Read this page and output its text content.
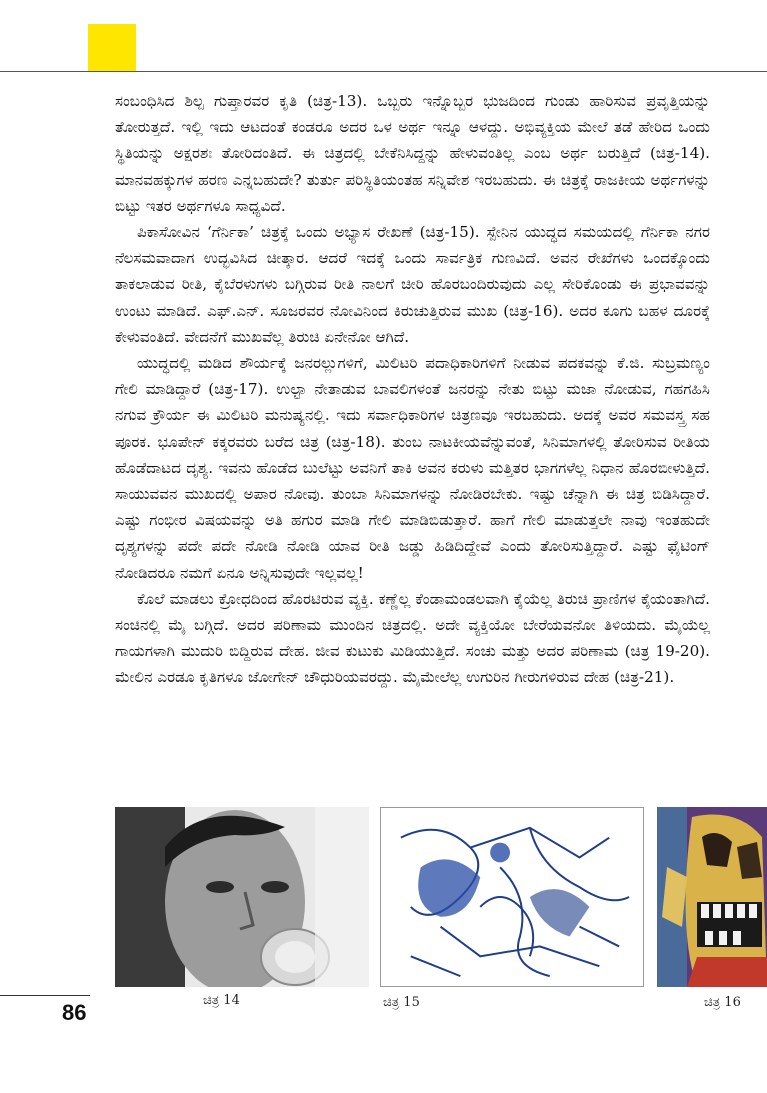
ಸಂಬಂಧಿಸಿದ ಶಿಲ್ಪ ಗುಪ್ತಾರವರ ಕೃತಿ (ಚಿತ್ರ-13). ಒಬ್ಬರು ಇನ್ನೊಬ್ಬರ ಭುಜದಿಂದ ಗುಂಡು ಹಾರಿಸುವ ಪ್ರವೃತ್ತಿಯನ್ನು ತೋರುತ್ತದೆ. ಇಲ್ಲಿ ಇದು ಆಟದಂತೆ ಕಂಡರೂ ಅದರ ಒಳ ಅರ್ಥ ಇನ್ನೂ ಆಳದ್ದು. ಅಭಿವ್ಯಕ್ತಿಯ ಮೇಲೆ ತಡೆ ಹೇರಿದ ಒಂದು ಸ್ಥಿತಿಯನ್ನು ಅಕ್ಷರಶಃ ತೋರಿದಂತಿದೆ. ಈ ಚಿತ್ರದಲ್ಲಿ ಬೇಕೆನಿಸಿದ್ದನ್ನು ಹೇಳುವಂತಿಲ್ಲ ಎಂಬ ಅರ್ಥ ಬರುತ್ತಿದೆ (ಚಿತ್ರ-14). ಮಾನವಹಕ್ಕುಗಳ ಹರಣ ಎನ್ನಬಹುದೇ? ತುರ್ತು ಪರಿಸ್ಥಿತಿಯಂತಹ ಸನ್ನಿವೇಶ ಇರಬಹುದು. ಈ ಚಿತ್ರಕ್ಕೆ ರಾಜಕೀಯ ಅರ್ಥಗಳನ್ನು ಬಿಟ್ಟು ಇತರ ಅರ್ಥಗಳೂ ಸಾಧ್ಯವಿದೆ.

ಪಿಕಾಸೋವಿನ ‘ಗೆರ್ನಿಕಾ’ ಚಿತ್ರಕ್ಕೆ ಒಂದು ಅಭ್ಯಾಸ ರೇಖಣೆ (ಚಿತ್ರ-15). ಸ್ಪೇನಿನ ಯುದ್ಧದ ಸಮಯದಲ್ಲಿ ಗೆರ್ನಿಕಾ ನಗರ ನೆಲಸಮವಾದಾಗ ಉದ್ಭವಿಸಿದ ಚೀತ್ಕಾರ. ಆದರೆ ಇದಕ್ಕೆ ಒಂದು ಸಾರ್ವತ್ರಿಕ ಗುಣವಿದೆ. ಅವನ ರೇಖೆಗಳು ಒಂದಕ್ಕೊಂದು ತಾಕಲಾಡುವ ರೀತಿ, ಕೈಬೆರಳುಗಳು ಬಗ್ಗಿರುವ ರೀತಿ ನಾಲಗೆ ಚೀರಿ ಹೊರಬಂದಿರುವುದು ಎಲ್ಲ ಸೇರಿಕೊಂಡು ಈ ಪ್ರಭಾವವನ್ನು ಉಂಟು ಮಾಡಿದೆ. ಎಫ್.ಎನ್. ಸೂಜರವರ ನೋವಿನಿಂದ ಕಿರುಚುತ್ತಿರುವ ಮುಖ (ಚಿತ್ರ-16). ಅದರ ಕೂಗು ಬಹಳ ದೂರಕ್ಕೆ ಕೇಳುವಂತಿದೆ. ವೇದನೆಗೆ ಮುಖವೆಲ್ಲ ತಿರುಚಿ ಏನೇನೋ ಆಗಿದೆ.

ಯುದ್ಧದಲ್ಲಿ ಮಡಿದ ಶೌರ್ಯಕ್ಕೆ ಜನರಲ್ಲುಗಳಿಗೆ, ಮಿಲಿಟರಿ ಪದಾಧಿಕಾರಿಗಳಿಗೆ ನೀಡುವ ಪದಕವನ್ನು ಕೆ.ಜಿ. ಸುಬ್ರಮಣ್ಯಂ ಗೇಲಿ ಮಾಡಿದ್ದಾರೆ (ಚಿತ್ರ-17). ಉಲ್ಟಾ ನೇತಾಡುವ ಬಾವಲಿಗಳಂತೆ ಜನರನ್ನು ನೇತು ಬಿಟ್ಟು ಮಜಾ ನೋಡುವ, ಗಹಗಹಿಸಿ ನಗುವ ಕ್ರೌರ್ಯ ಈ ಮಿಲಿಟರಿ ಮನುಷ್ಯನಲ್ಲಿ. ಇದು ಸರ್ವಾಧಿಕಾರಿಗಳ ಚಿತ್ರಣವೂ ಇರಬಹುದು. ಅದಕ್ಕೆ ಅವರ ಸಮವಸ್ತ್ರ ಸಹ ಪೂರಕ. ಭೂಪೇನ್ ಕಕ್ಕರವರು ಬರೆದ ಚಿತ್ರ (ಚಿತ್ರ-18). ತುಂಬ ನಾಟಕೀಯವೆನ್ನುವಂತೆ, ಸಿನಿಮಾಗಳಲ್ಲಿ ತೋರಿಸುವ ರೀತಿಯ ಹೊಡೆದಾಟದ ದೃಶ್ಯ. ಇವನು ಹೊಡೆದ ಬುಲೆಟ್ಟು ಅವನಿಗೆ ತಾಕಿ ಅವನ ಕರುಳು ಮತ್ತಿತರ ಭಾಗಗಳೆಲ್ಲ ನಿಧಾನ ಹೊರಬೀಳುತ್ತಿದೆ. ಸಾಯುವವನ ಮುಖದಲ್ಲಿ ಅಪಾರ ನೋವು. ತುಂಬಾ ಸಿನಿಮಾಗಳನ್ನು ನೋಡಿರಬೇಕು. ಇಷ್ಟು ಚೆನ್ನಾಗಿ ಈ ಚಿತ್ರ ಬಿಡಿಸಿದ್ದಾರೆ. ಎಷ್ಟು ಗಂಭೀರ ವಿಷಯವನ್ನು ಅತಿ ಹಗುರ ಮಾಡಿ ಗೇಲಿ ಮಾಡಿಬಿಡುತ್ತಾರೆ. ಹಾಗೆ ಗೇಲಿ ಮಾಡುತ್ತಲೇ ನಾವು ಇಂತಹುದೇ ದೃಶ್ಯಗಳನ್ನು ಪದೇ ಪದೇ ನೋಡಿ ನೋಡಿ ಯಾವ ರೀತಿ ಜಡ್ಡು ಹಿಡಿದಿದ್ದೇವೆ ಎಂದು ತೋರಿಸುತ್ತಿದ್ದಾರೆ. ಎಷ್ಟು ಫೈಟಿಂಗ್ ನೋಡಿದರೂ ನಮಗೆ ಏನೂ ಅನ್ನಿಸುವುದೇ ಇಲ್ಲವಲ್ಲ!

ಕೊಲೆ ಮಾಡಲು ಕ್ರೋಧದಿಂದ ಹೊರಟಿರುವ ವ್ಯಕ್ತಿ. ಕಣ್ಣೆಲ್ಲ ಕೆಂಡಾಮಂಡಲವಾಗಿ ಕೈಯೆಲ್ಲ ತಿರುಚಿ ಪ್ರಾಣಿಗಳ ಕೈಯಂತಾಗಿದೆ. ಸಂಚಿನಲ್ಲಿ ಮೈ ಬಗ್ಗಿದೆ. ಅದರ ಪರಿಣಾಮ ಮುಂದಿನ ಚಿತ್ರದಲ್ಲಿ. ಅದೇ ವ್ಯಕ್ತಿಯೋ ಬೇರೆಯವನೋ ತಿಳಿಯದು. ಮೈಯೆಲ್ಲ ಗಾಯಗಳಾಗಿ ಮುದುರಿ ಬಿದ್ದಿರುವ ದೇಹ. ಜೀವ ಕುಟುಕು ಮಿಡಿಯುತ್ತಿದೆ. ಸಂಚು ಮತ್ತು ಅದರ ಪರಿಣಾಮ (ಚಿತ್ರ 19-20). ಮೇಲಿನ ಎರಡೂ ಕೃತಿಗಳೂ ಜೋಗೇನ್ ಚೌಧುರಿಯವರದ್ದು. ಮೈಮೇಲೆಲ್ಲ ಉಗುರಿನ ಗೀರುಗಳಿರುವ ದೇಹ (ಚಿತ್ರ-21).

ಚಿತ್ರ 14	ಚಿತ್ರ 15	ಚಿತ್ರ 16
86
